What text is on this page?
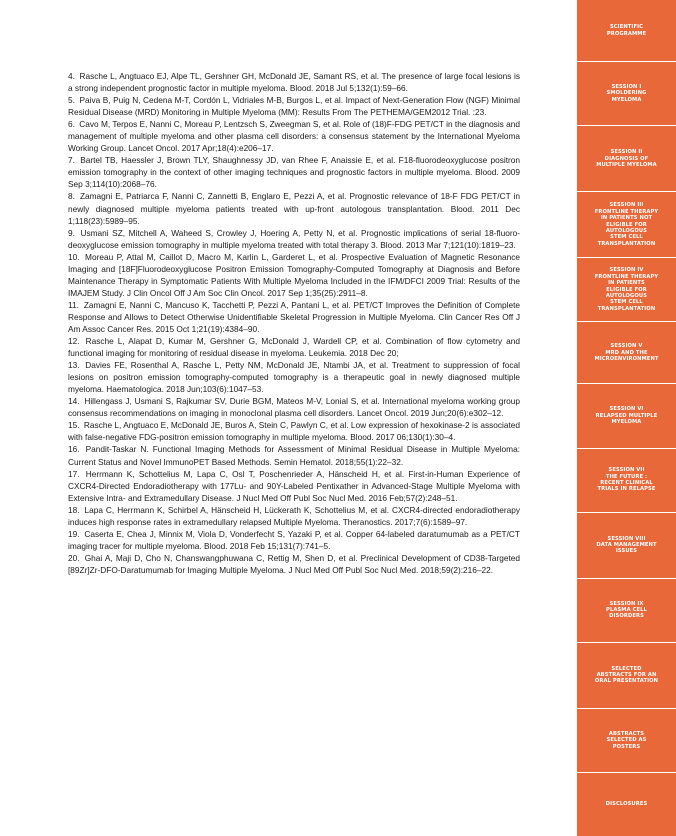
4. Rasche L, Angtuaco EJ, Alpe TL, Gershner GH, McDonald JE, Samant RS, et al. The presence of large focal lesions is a strong independent prognostic factor in multiple myeloma. Blood. 2018 Jul 5;132(1):59–66.

5. Paiva B, Puig N, Cedena M-T, Cordón L, Vidriales M-B, Burgos L, et al. Impact of Next-Generation Flow (NGF) Minimal Residual Disease (MRD) Monitoring in Multiple Myeloma (MM): Results From The PETHEMA/GEM2012 Trial. :23.

6. Cavo M, Terpos E, Nanni C, Moreau P, Lentzsch S, Zweegman S, et al. Role of (18)F-FDG PET/CT in the diagnosis and management of multiple myeloma and other plasma cell disorders: a consensus statement by the International Myeloma Working Group. Lancet Oncol. 2017 Apr;18(4):e206–17.

7. Bartel TB, Haessler J, Brown TLY, Shaughnessy JD, van Rhee F, Anaissie E, et al. F18-fluorodeoxyglucose positron emission tomography in the context of other imaging techniques and prognostic factors in multiple myeloma. Blood. 2009 Sep 3;114(10):2068–76.

8. Zamagni E, Patriarca F, Nanni C, Zannetti B, Englaro E, Pezzi A, et al. Prognostic relevance of 18-F FDG PET/CT in newly diagnosed multiple myeloma patients treated with up-front autologous transplantation. Blood. 2011 Dec 1;118(23):5989–95.

9. Usmani SZ, Mitchell A, Waheed S, Crowley J, Hoering A, Petty N, et al. Prognostic implications of serial 18-fluoro-deoxyglucose emission tomography in multiple myeloma treated with total therapy 3. Blood. 2013 Mar 7;121(10):1819–23.

10. Moreau P, Attal M, Caillot D, Macro M, Karlin L, Garderet L, et al. Prospective Evaluation of Magnetic Resonance Imaging and [18F]Fluorodeoxyglucose Positron Emission Tomography-Computed Tomography at Diagnosis and Before Maintenance Therapy in Symptomatic Patients With Multiple Myeloma Included in the IFM/DFCI 2009 Trial: Results of the IMAJEM Study. J Clin Oncol Off J Am Soc Clin Oncol. 2017 Sep 1;35(25):2911–8.

11. Zamagni E, Nanni C, Mancuso K, Tacchetti P, Pezzi A, Pantani L, et al. PET/CT Improves the Definition of Complete Response and Allows to Detect Otherwise Unidentifiable Skeletal Progression in Multiple Myeloma. Clin Cancer Res Off J Am Assoc Cancer Res. 2015 Oct 1;21(19):4384–90.

12. Rasche L, Alapat D, Kumar M, Gershner G, McDonald J, Wardell CP, et al. Combination of flow cytometry and functional imaging for monitoring of residual disease in myeloma. Leukemia. 2018 Dec 20;

13. Davies FE, Rosenthal A, Rasche L, Petty NM, McDonald JE, Ntambi JA, et al. Treatment to suppression of focal lesions on positron emission tomography-computed tomography is a therapeutic goal in newly diagnosed multiple myeloma. Haematologica. 2018 Jun;103(6):1047–53.

14. Hillengass J, Usmani S, Rajkumar SV, Durie BGM, Mateos M-V, Lonial S, et al. International myeloma working group consensus recommendations on imaging in monoclonal plasma cell disorders. Lancet Oncol. 2019 Jun;20(6):e302–12.

15. Rasche L, Angtuaco E, McDonald JE, Buros A, Stein C, Pawlyn C, et al. Low expression of hexokinase-2 is associated with false-negative FDG-positron emission tomography in multiple myeloma. Blood. 2017 06;130(1):30–4.

16. Pandit-Taskar N. Functional Imaging Methods for Assessment of Minimal Residual Disease in Multiple Myeloma: Current Status and Novel ImmunoPET Based Methods. Semin Hematol. 2018;55(1):22–32.

17. Herrmann K, Schottelius M, Lapa C, Osl T, Poschenrieder A, Hänscheid H, et al. First-in-Human Experience of CXCR4-Directed Endoradiotherapy with 177Lu- and 90Y-Labeled Pentixather in Advanced-Stage Multiple Myeloma with Extensive Intra- and Extramedullary Disease. J Nucl Med Off Publ Soc Nucl Med. 2016 Feb;57(2):248–51.

18. Lapa C, Herrmann K, Schirbel A, Hänscheid H, Lückerath K, Schottelius M, et al. CXCR4-directed endoradiotherapy induces high response rates in extramedullary relapsed Multiple Myeloma. Theranostics. 2017;7(6):1589–97.

19. Caserta E, Chea J, Minnix M, Viola D, Vonderfecht S, Yazaki P, et al. Copper 64-labeled daratumumab as a PET/CT imaging tracer for multiple myeloma. Blood. 2018 Feb 15;131(7):741–5.

20. Ghai A, Maji D, Cho N, Chanswangphuwana C, Rettig M, Shen D, et al. Preclinical Development of CD38-Targeted [89Zr]Zr-DFO-Daratumumab for Imaging Multiple Myeloma. J Nucl Med Off Publ Soc Nucl Med. 2018;59(2):216–22.

SCIENTIFIC
PROGRAMME
SESSION I
SMOLDERING
MYELOMA
SESSION II
DIAGNOSIS OF
MULTIPLE MYELOMA
SESSION III
FRONTLINE THERAPY
IN PATIENTS NOT
ELIGIBLE FOR
AUTOLOGOUS
STEM CELL
TRANSPLANTATION
SESSION IV
FRONTLINE THERAPY
IN PATIENTS
ELIGIBLE FOR
AUTOLOGOUS
STEM CELL
TRANSPLANTATION
SESSION V
MRD AND THE
MICROENVIRONMENT
SESSION VI
RELAPSED MULTIPLE
MYELOMA
SESSION VII
THE FUTURE :
RECENT CLINICAL
TRIALS IN RELAPSE
SESSION VIII
DATA MANAGEMENT
ISSUES
SESSION IX
PLASMA CELL
DISORDERS
SELECTED
ABSTRACTS FOR AN
ORAL PRESENTATION
ABSTRACTS
SELECTED AS
POSTERS
DISCLOSURES
